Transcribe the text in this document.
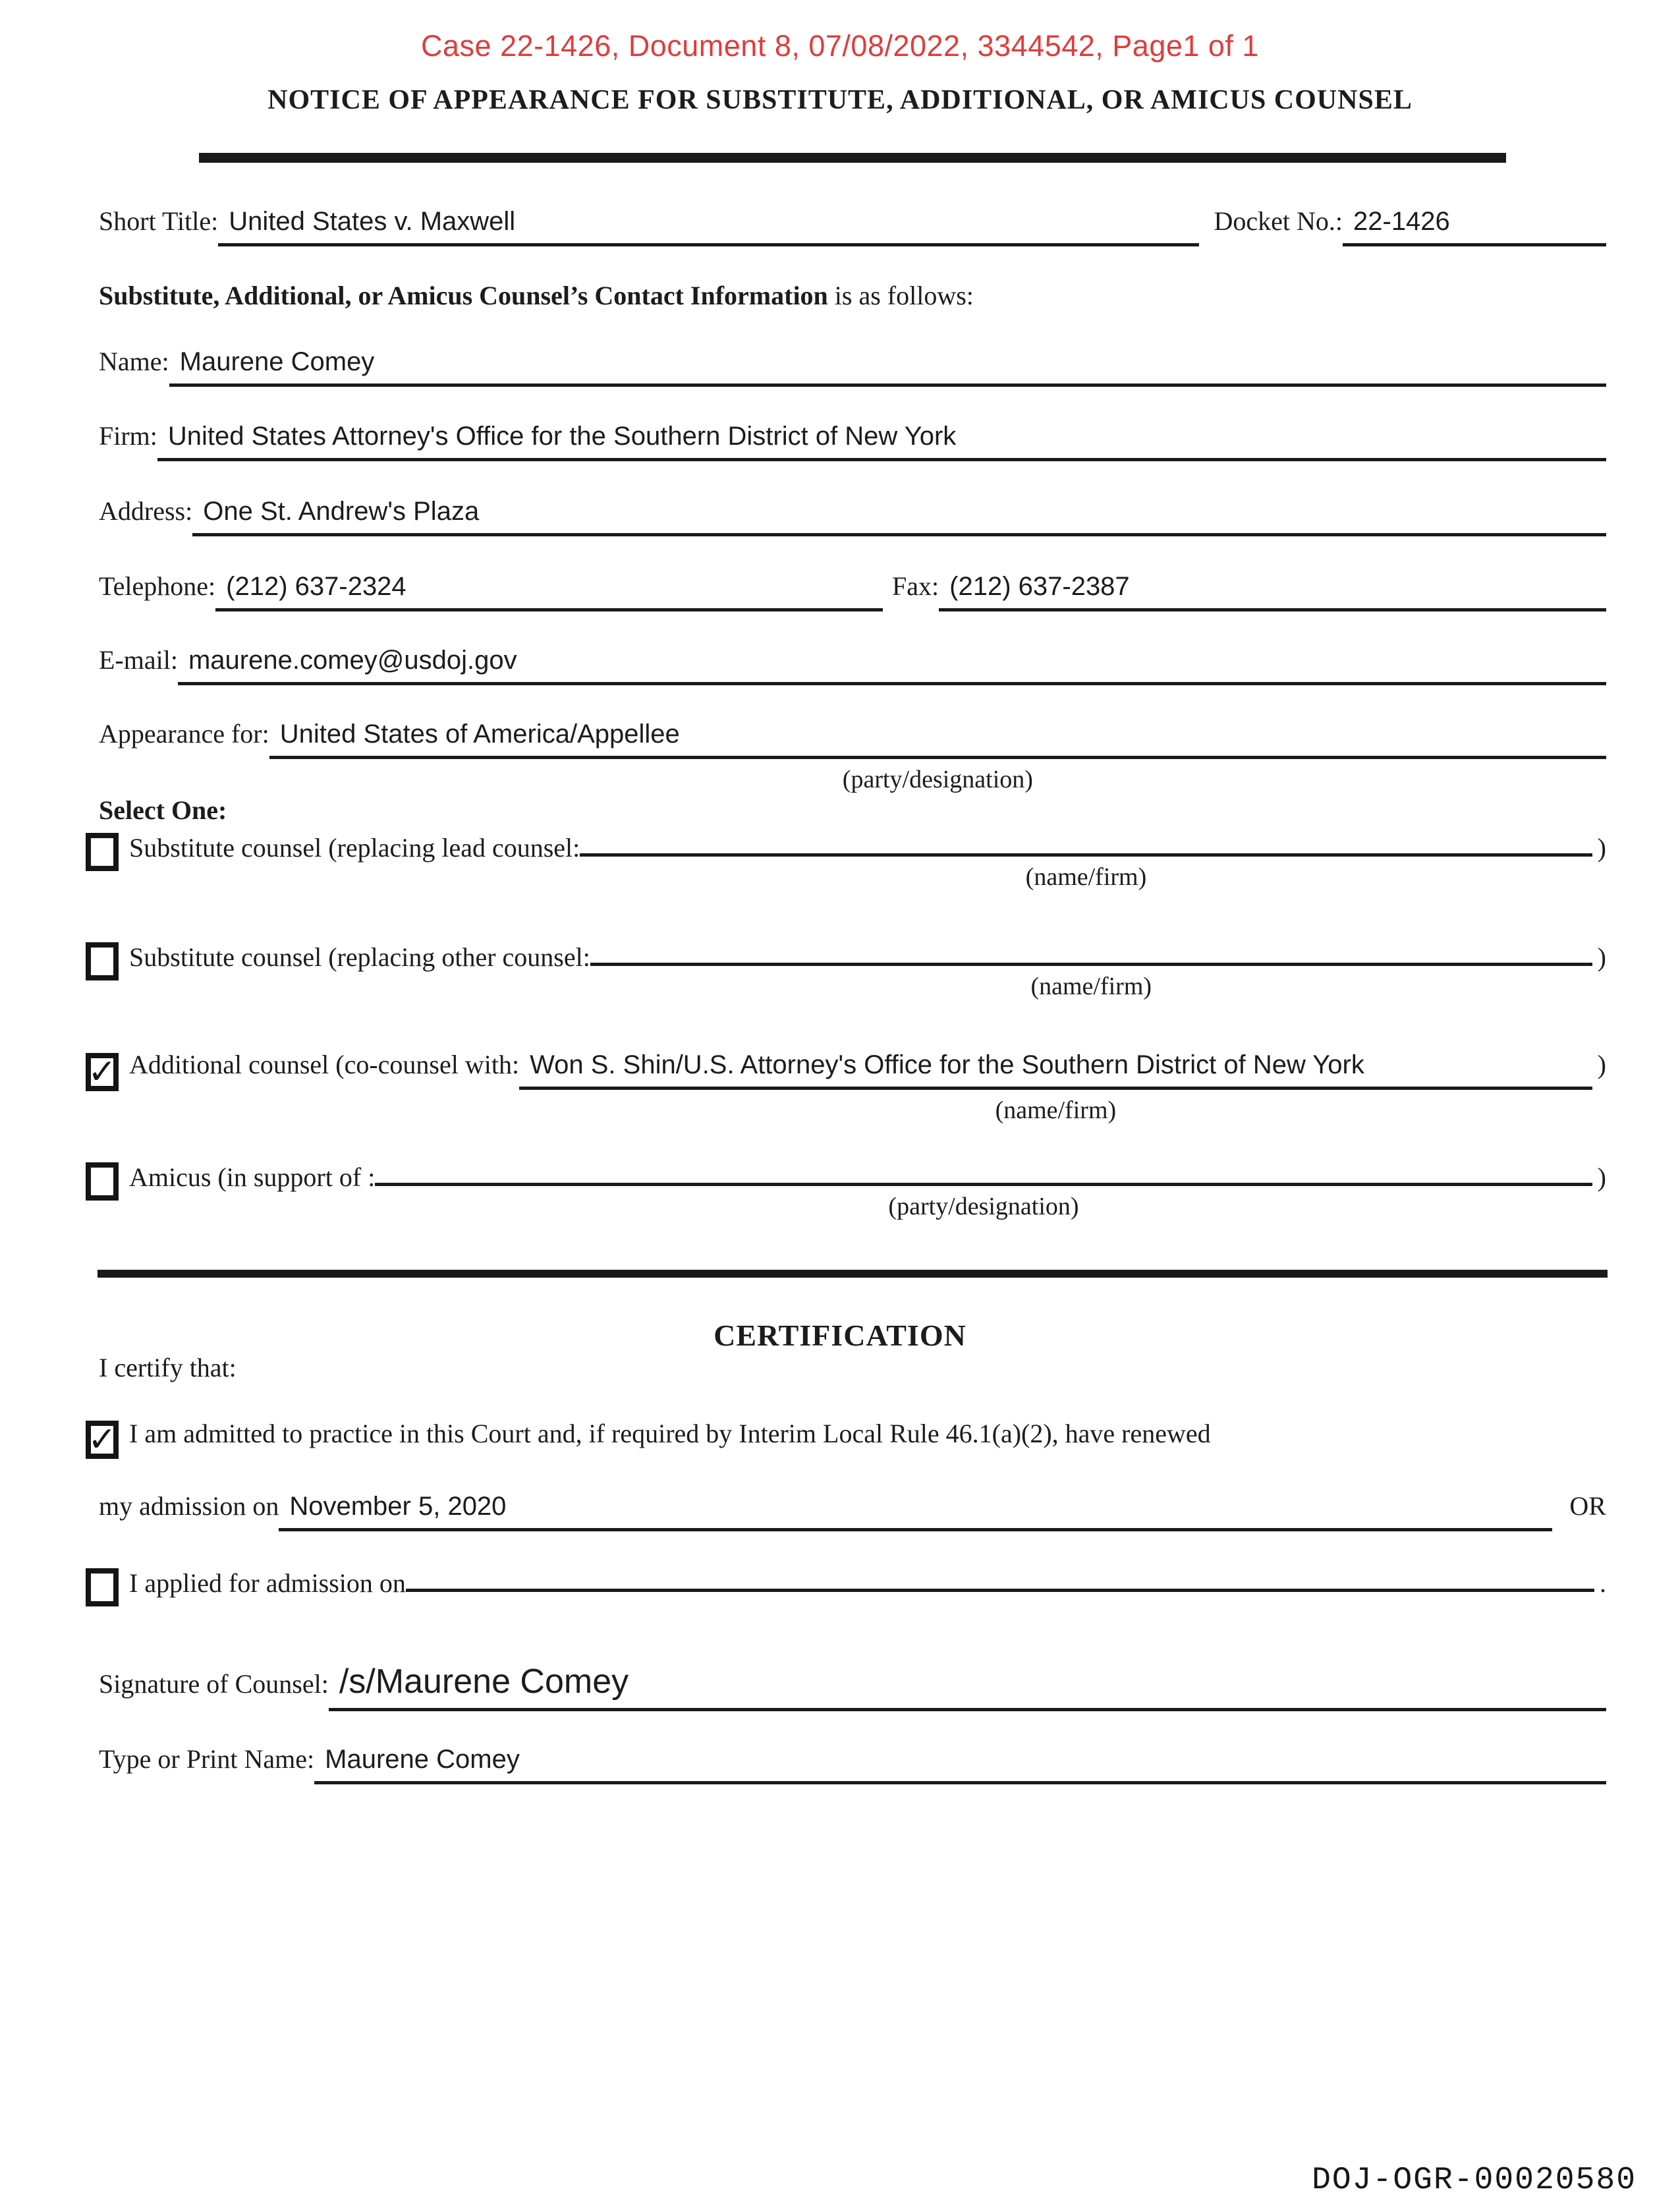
Case 22-1426, Document 8, 07/08/2022, 3344542, Page1 of 1
NOTICE OF APPEARANCE FOR SUBSTITUTE, ADDITIONAL, OR AMICUS COUNSEL
Short Title: United States v. Maxwell	Docket No.: 22-1426
Substitute, Additional, or Amicus Counsel’s Contact Information is as follows:
Name: Maurene Comey
Firm: United States Attorney's Office for the Southern District of New York
Address: One St. Andrew's Plaza
Telephone: (212) 637-2324	Fax: (212) 637-2387
E-mail: maurene.comey@usdoj.gov
Appearance for: United States of America/Appellee
(party/designation)
Select One:
Substitute counsel (replacing lead counsel:
(name/firm)
)
Substitute counsel (replacing other counsel:
(name/firm)
)
✓ Additional counsel (co-counsel with: Won S. Shin/U.S. Attorney's Office for the Southern District of New York
(name/firm)
)
Amicus (in support of :
(party/designation)
)
CERTIFICATION
I certify that:
✓ I am admitted to practice in this Court and, if required by Interim Local Rule 46.1(a)(2), have renewed
my admission on November 5, 2020	OR
I applied for admission on	.
Signature of Counsel: /s/Maurene Comey
Type or Print Name: Maurene Comey
DOJ-OGR-00020580
